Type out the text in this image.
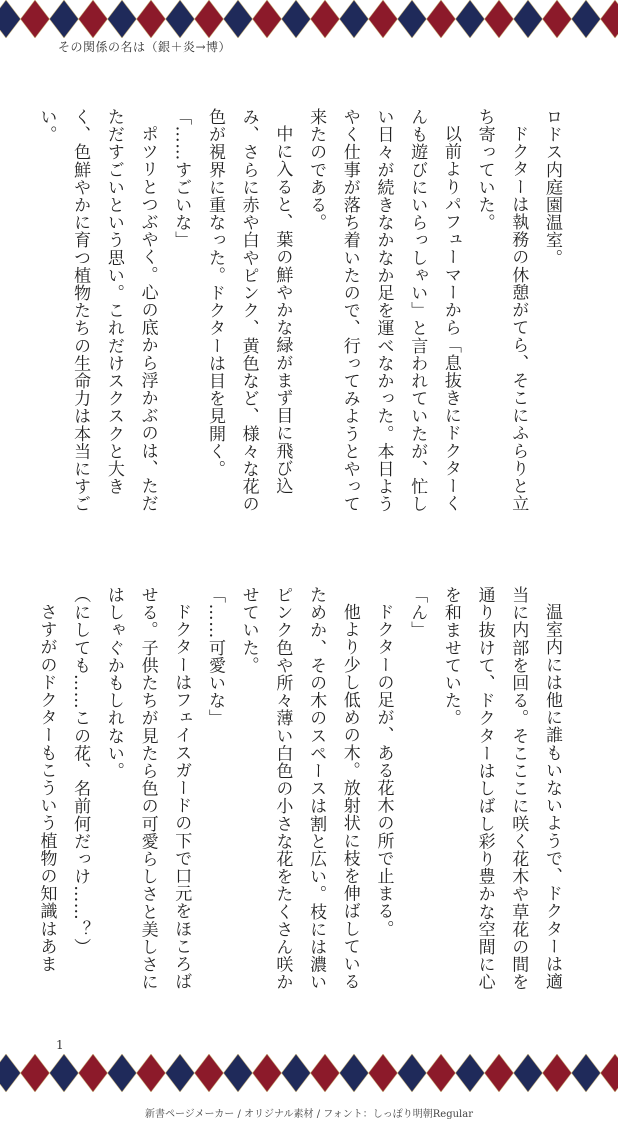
その関係の名は（銀＋炎→博）

ロドス内庭園温室。

ドクターは執務の休憩がてら、そこにふらりと立ち寄っていた。

以前よりパフューマーから「息抜きにドクターくんも遊びにいらっしゃい」と言われていたが、忙しい日々が続きなかなか足を運べなかった。本日ようやく仕事が落ち着いたので、行ってみようとやって来たのである。

中に入ると、葉の鮮やかな緑がまず目に飛び込み、さらに赤や白やピンク、黄色など、様々な花の色が視界に重なった。ドクターは目を見開く。

「……すごいな」

ポツリとつぶやく。心の底から浮かぶのは、ただただすごいという思い。これだけスクスクと大きく、色鮮やかに育つ植物たちの生命力は本当にすごい。

温室内には他に誰もいないようで、ドクターは適当に内部を回る。そこここに咲く花木や草花の間を通り抜けて、ドクターはしばし彩り豊かな空間に心を和ませていた。

「ん」

ドクターの足が、ある花木の所で止まる。

他より少し低めの木。放射状に枝を伸ばしているためか、その木のスペースは割と広い。枝には濃いピンク色や所々薄い白色の小さな花をたくさん咲かせていた。

「……可愛いな」

ドクターはフェイスガードの下で口元をほころばせる。子供たちが見たら色の可愛らしさと美しさにはしゃぐかもしれない。

（にしても……この花、名前何だっけ……？）

さすがのドクターもこういう植物の知識はあま

1
新書ページメーカー / オリジナル素材 / フォント：しっぽり明朝Regular
